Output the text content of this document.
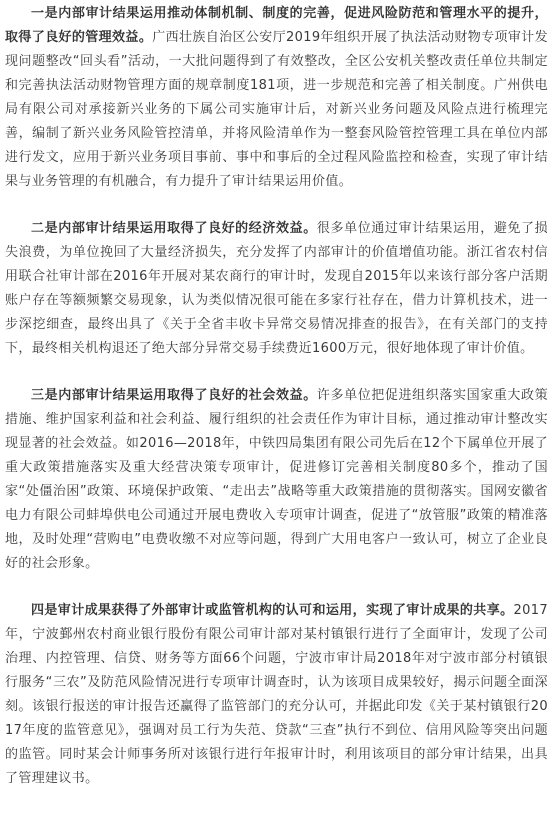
一是内部审计结果运用推动体制机制、制度的完善，促进风险防范和管理水平的提升，取得了良好的管理效益。广西壮族自治区公安厅2019年组织开展了执法活动财物专项审计发现问题整改“回头看”活动，一大批问题得到了有效整改，全区公安机关整改责任单位共制定和完善执法活动财物管理方面的规章制度181项，进一步规范和完善了相关制度。广州供电局有限公司对承接新兴业务的下属公司实施审计后，对新兴业务问题及风险点进行梳理完善，编制了新兴业务风险管控清单，并将风险清单作为一整套风险管控管理工具在单位内部进行发文，应用于新兴业务项目事前、事中和事后的全过程风险监控和检查，实现了审计结果与业务管理的有机融合，有力提升了审计结果运用价值。

二是内部审计结果运用取得了良好的经济效益。很多单位通过审计结果运用，避免了损失浪费，为单位挽回了大量经济损失，充分发挥了内部审计的价值增值功能。浙江省农村信用联合社审计部在2016年开展对某农商行的审计时，发现自2015年以来该行部分客户活期账户存在等额频繁交易现象，认为类似情况很可能在多家行社存在，借力计算机技术，进一步深挖细查，最终出具了《关于全省丰收卡异常交易情况排查的报告》，在有关部门的支持下，最终相关机构退还了绝大部分异常交易手续费近1600万元，很好地体现了审计价值。

三是内部审计结果运用取得了良好的社会效益。许多单位把促进组织落实国家重大政策措施、维护国家利益和社会利益、履行组织的社会责任作为审计目标，通过推动审计整改实现显著的社会效益。如2016—2018年，中铁四局集团有限公司先后在12个下属单位开展了重大政策措施落实及重大经营决策专项审计，促进修订完善相关制度80多个，推动了国家“处僵治困”政策、环境保护政策、“走出去”战略等重大政策措施的贯彻落实。国网安徽省电力有限公司蚌埠供电公司通过开展电费收入专项审计调查，促进了“放管服”政策的精准落地，及时处理“营购电”电费收缴不对应等问题，得到广大用电客户一致认可，树立了企业良好的社会形象。

四是审计成果获得了外部审计或监管机构的认可和运用，实现了审计成果的共享。2017年，宁波鄞州农村商业银行股份有限公司审计部对某村镇银行进行了全面审计，发现了公司治理、内控管理、信贷、财务等方面66个问题，宁波市审计局2018年对宁波市部分村镇银行服务“三农”及防范风险情况进行专项审计调查时，认为该项目成果较好，揭示问题全面深刻。该银行报送的审计报告还赢得了监管部门的充分认可，并据此印发《关于某村镇银行2017年度的监管意见》，强调对员工行为失范、贷款“三查”执行不到位、信用风险等突出问题的监管。同时某会计师事务所对该银行进行年报审计时，利用该项目的部分审计结果，出具了管理建议书。
